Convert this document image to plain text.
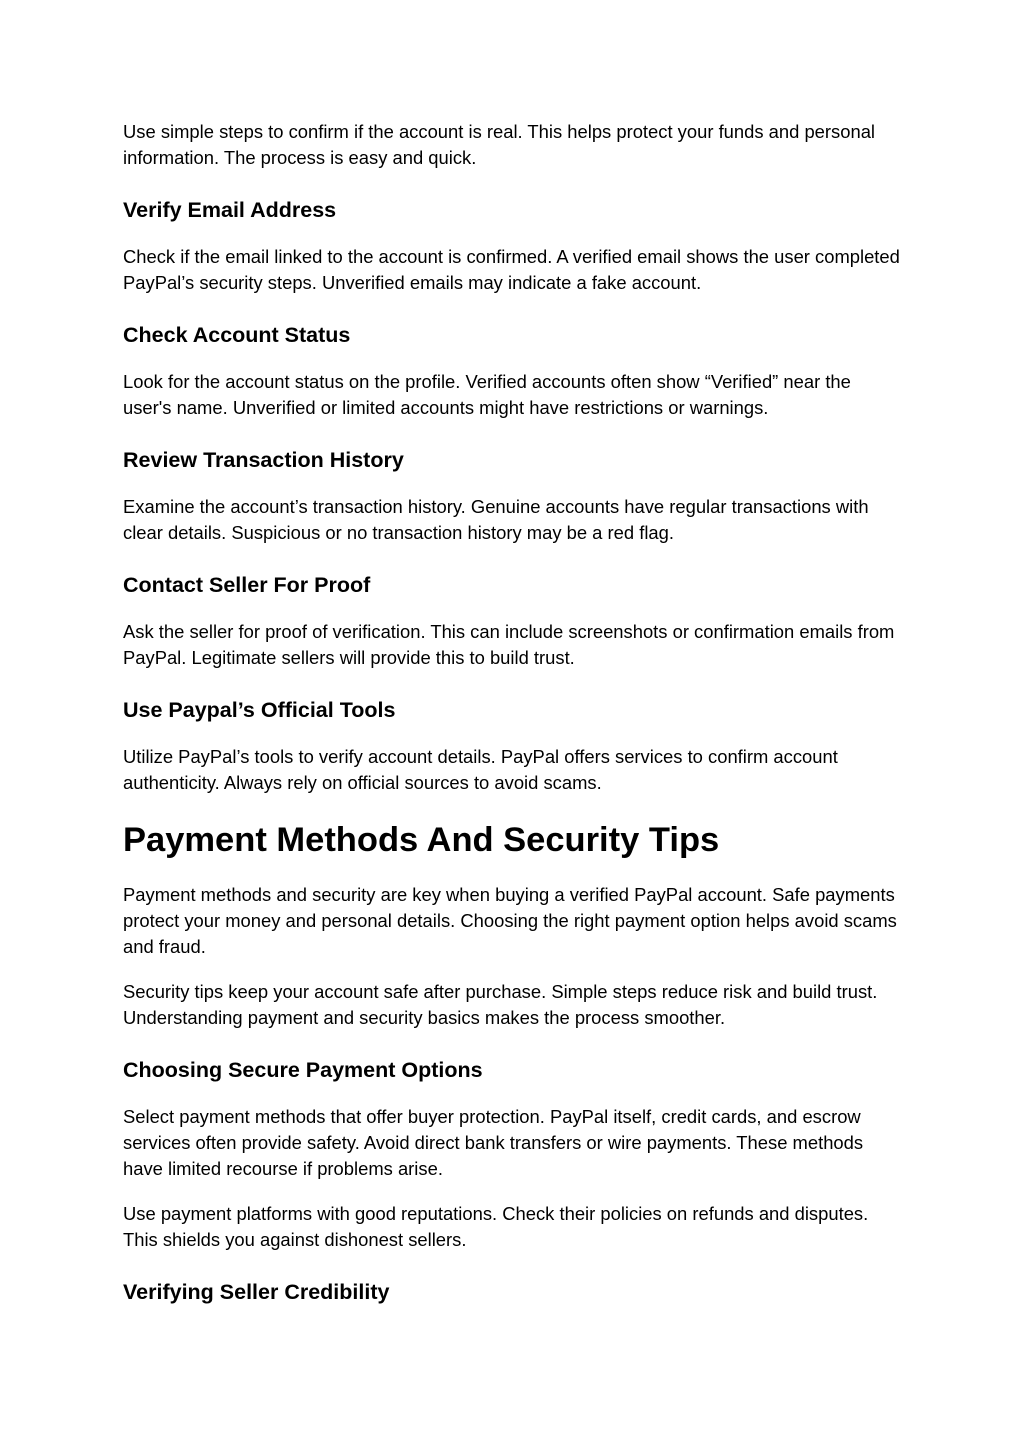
Use simple steps to confirm if the account is real. This helps protect your funds and personal information. The process is easy and quick.

Verify Email Address

Check if the email linked to the account is confirmed. A verified email shows the user completed PayPal’s security steps. Unverified emails may indicate a fake account.

Check Account Status

Look for the account status on the profile. Verified accounts often show “Verified” near the user's name. Unverified or limited accounts might have restrictions or warnings.

Review Transaction History

Examine the account’s transaction history. Genuine accounts have regular transactions with clear details. Suspicious or no transaction history may be a red flag.

Contact Seller For Proof

Ask the seller for proof of verification. This can include screenshots or confirmation emails from PayPal. Legitimate sellers will provide this to build trust.

Use Paypal’s Official Tools

Utilize PayPal’s tools to verify account details. PayPal offers services to confirm account authenticity. Always rely on official sources to avoid scams.

Payment Methods And Security Tips

Payment methods and security are key when buying a verified PayPal account. Safe payments protect your money and personal details. Choosing the right payment option helps avoid scams and fraud.

Security tips keep your account safe after purchase. Simple steps reduce risk and build trust. Understanding payment and security basics makes the process smoother.

Choosing Secure Payment Options

Select payment methods that offer buyer protection. PayPal itself, credit cards, and escrow services often provide safety. Avoid direct bank transfers or wire payments. These methods have limited recourse if problems arise.

Use payment platforms with good reputations. Check their policies on refunds and disputes. This shields you against dishonest sellers.

Verifying Seller Credibility
